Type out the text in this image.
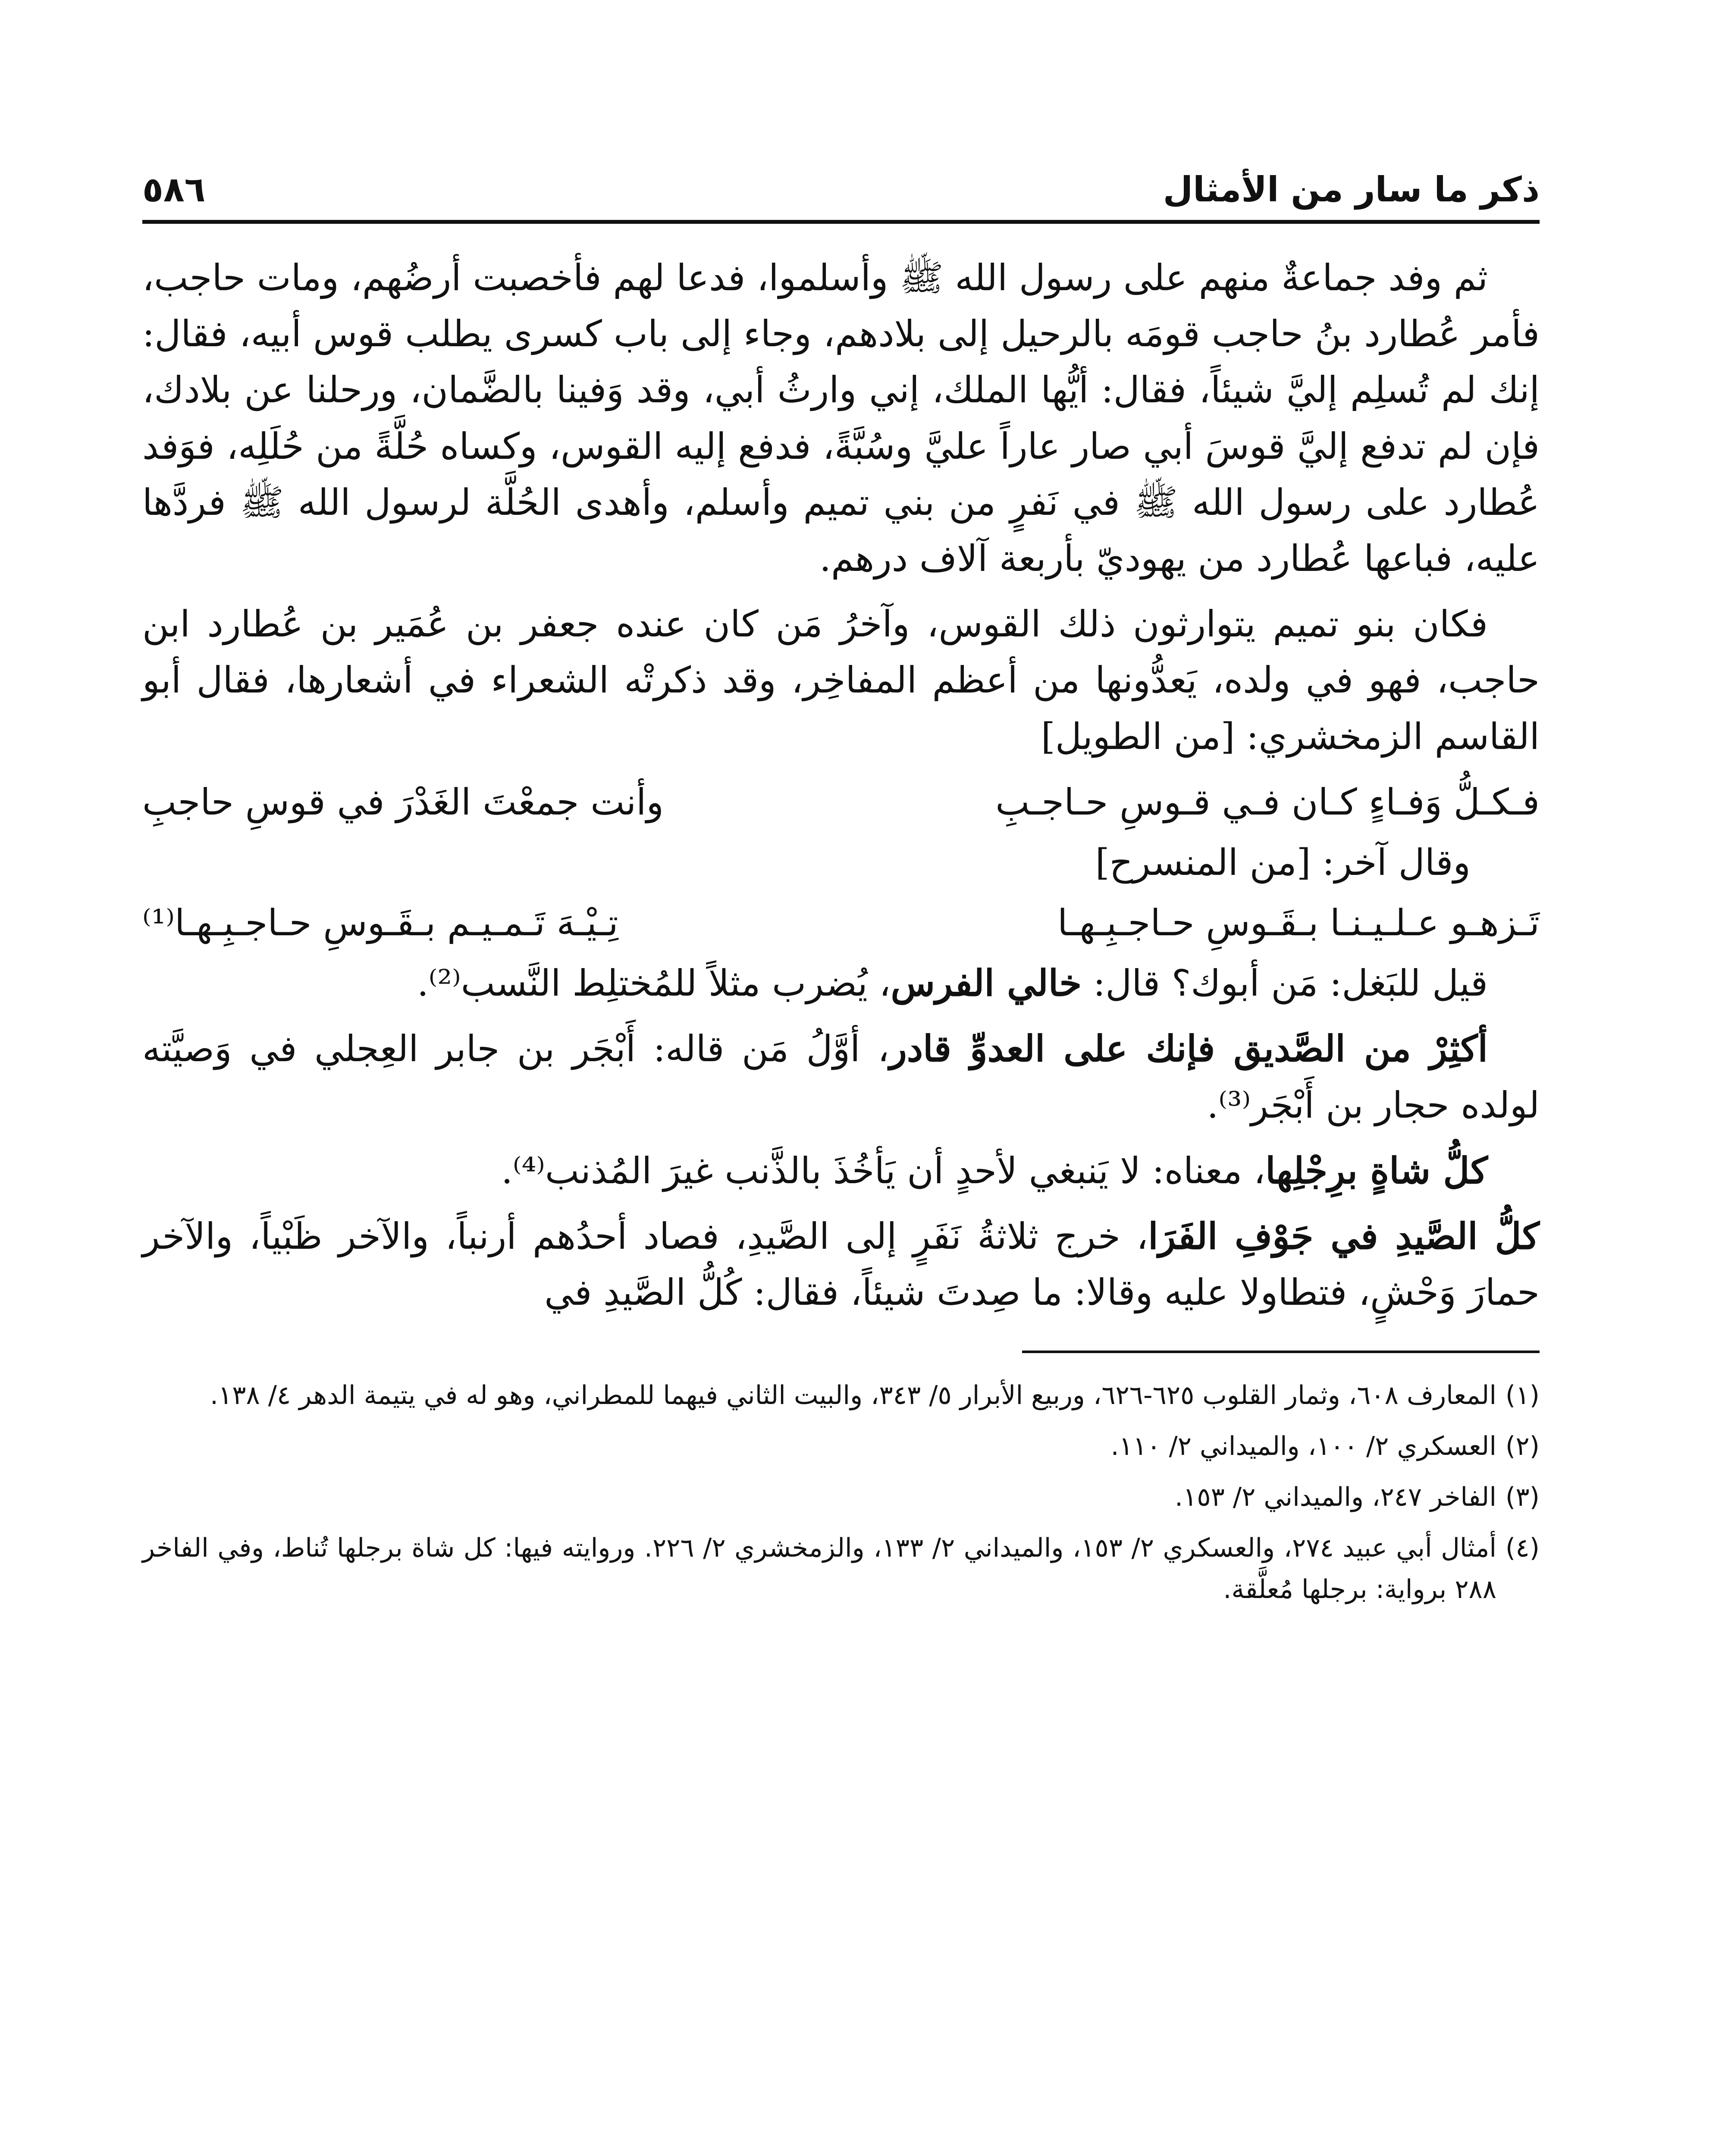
ذكر ما سار من الأمثال
٥٨٦

ثم وفد جماعةٌ منهم على رسول الله ﷺ وأسلموا، فدعا لهم فأخصبت أرضُهم، ومات حاجب، فأمر عُطارد بنُ حاجب قومَه بالرحيل إلى بلادهم، وجاء إلى باب كسرى يطلب قوس أبيه، فقال: إنك لم تُسلِم إليَّ شيئاً، فقال: أيُّها الملك، إني وارثُ أبي، وقد وَفينا بالضَّمان، ورحلنا عن بلادك، فإن لم تدفع إليَّ قوسَ أبي صار عاراً عليَّ وسُبَّةً، فدفع إليه القوس، وكساه حُلَّةً من حُلَلِه، فوَفد عُطارد على رسول الله ﷺ في نَفرٍ من بني تميم وأسلم، وأهدى الحُلَّة لرسول الله ﷺ فردَّها عليه، فباعها عُطارد من يهوديّ بأربعة آلاف درهم.

فكان بنو تميم يتوارثون ذلك القوس، وآخرُ مَن كان عنده جعفر بن عُمَير بن عُطارد ابن حاجب، فهو في ولده، يَعدُّونها من أعظم المفاخِر، وقد ذكرتْه الشعراء في أشعارها، فقال أبو القاسم الزمخشري: [من الطويل]

فـكـلُّ وَفـاءٍ كـان فـي قـوسِ حـاجـبِ
وأنت جمعْتَ الغَدْرَ في قوسِ حاجبِ
وقال آخر: [من المنسرح]
تَـزهـو عـلـيـنـا بـقَـوسِ حـاجـبِـهـا
تِـيْـهَ تَـمـيـم بـقَـوسِ حـاجـبِـهـا⁽¹⁾

قيل للبَغل: مَن أبوك؟ قال: خالي الفرس، يُضرب مثلاً للمُختلِط النَّسب⁽²⁾.

أكثِرْ من الصَّديق فإنك على العدوِّ قادر، أوَّلُ مَن قاله: أَبْجَر بن جابر العِجلي في وَصيَّته لولده حجار بن أَبْجَر⁽³⁾.

كلُّ شاةٍ برِجْلِها، معناه: لا يَنبغي لأحدٍ أن يَأخُذَ بالذَّنب غيرَ المُذنب⁽⁴⁾.

كلُّ الصَّيدِ في جَوْفِ الفَرَا، خرج ثلاثةُ نَفَرٍ إلى الصَّيدِ، فصاد أحدُهم أرنباً، والآخر ظَبْياً، والآخر حمارَ وَحْشٍ، فتطاولا عليه وقالا: ما صِدتَ شيئاً، فقال: كُلُّ الصَّيدِ في

(١)
المعارف ٦٠٨، وثمار القلوب ٦٢٥-٦٢٦، وربيع الأبرار ٥/ ٣٤٣، والبيت الثاني فيهما للمطراني، وهو له في يتيمة الدهر ٤/ ١٣٨.
(٢)
العسكري ٢/ ١٠٠، والميداني ٢/ ١١٠.
(٣)
الفاخر ٢٤٧، والميداني ٢/ ١٥٣.
(٤)
أمثال أبي عبيد ٢٧٤، والعسكري ٢/ ١٥٣، والميداني ٢/ ١٣٣، والزمخشري ٢/ ٢٢٦. وروايته فيها: كل شاة برجلها تُناط، وفي الفاخر ٢٨٨ برواية: برجلها مُعلَّقة.
